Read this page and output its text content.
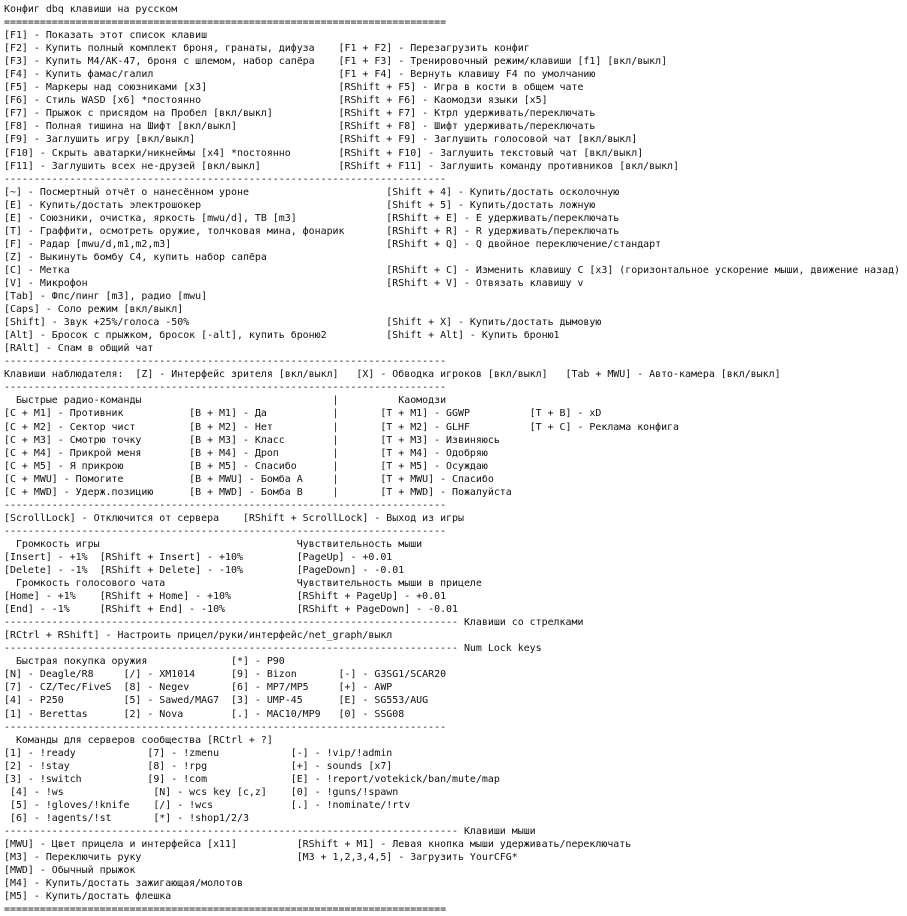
Конфиг dbq клавиши на русском
==========================================================================
[F1] - Показать этот список клавиш
[F2] - Купить полный комплект броня, гранаты, дифуза    [F1 + F2] - Перезагрузить конфиг
[F3] - Купить M4/AK-47, броня с шлемом, набор сапёра    [F1 + F3] - Тренировочный режим/клавиши [f1] [вкл/выкл]
[F4] - Купить фамас/галил                               [F1 + F4] - Вернуть клавишу F4 по умолчанию
[F5] - Маркеры над союзниками [x3]                      [RShift + F5] - Игра в кости в общем чате
[F6] - Стиль WASD [x6] *постоянно                       [RShift + F6] - Каомодзи языки [x5]
[F7] - Прыжок с присядом на Пробел [вкл/выкл]           [RShift + F7] - Ктрл удерживать/переключать
[F8] - Полная тишина на Шифт [вкл/выкл]                 [RShift + F8] - Шифт удерживать/переключать
[F9] - Заглушить игру [вкл/выкл]                        [RShift + F9] - Заглушить голосовой чат [вкл/выкл]
[F10] - Скрыть аватарки/никнеймы [x4] *постоянно        [RShift + F10] - Заглушить текстовый чат [вкл/выкл]
[F11] - Заглушить всех не-друзей [вкл/выкл]             [RShift + F11] - Заглушить команду противников [вкл/выкл]
--------------------------------------------------------------------------
[~] - Посмертный отчёт о нанесённом уроне                       [Shift + 4] - Купить/достать осколочную
[E] - Купить/достать электрошокер                               [Shift + 5] - Купить/достать ложную
[E] - Союзники, очистка, яркость [mwu/d], TB [m3]               [RShift + E] - E удерживать/переключать
[T] - Граффити, осмотреть оружие, толчковая мина, фонарик       [RShift + R] - R удерживать/переключать
[F] - Радар [mwu/d,m1,m2,m3]                                    [RShift + Q] - Q двойное переключение/стандарт
[Z] - Выкинуть бомбу C4, купить набор сапёра
[C] - Метка                                                     [RShift + C] - Изменить клавишу C [x3] (горизонтальное ускорение мыши, движение назад)
[V] - Микрофон                                                  [RShift + V] - Отвязать клавишу v
[Tab] - Фпс/пинг [m3], радио [mwu]
[Caps] - Соло режим [вкл/выкл]
[Shift] - Звук +25%/голоса -50%                                 [Shift + X] - Купить/достать дымовую
[Alt] - Бросок с прыжком, бросок [-alt], купить броню2          [Shift + Alt] - Купить броню1
[RAlt] - Спам в общий чат
--------------------------------------------------------------------------
Клавиши наблюдателя:  [Z] - Интерфейс зрителя [вкл/выкл]   [X] - Обводка игроков [вкл/выкл]   [Tab + MWU] - Авто-камера [вкл/выкл]
--------------------------------------------------------------------------
Быстрые радио-команды                                |          Каомодзи
[C + M1] - Противник           [B + M1] - Да           |       [T + M1] - GGWP          [T + B] - xD
[C + M2] - Сектор чист         [B + M2] - Нет          |       [T + M2] - GLHF          [T + C] - Реклама конфига
[C + M3] - Смотрю точку        [B + M3] - Класс        |       [T + M3] - Извиняюсь
[C + M4] - Прикрой меня        [B + M4] - Дроп         |       [T + M4] - Одобряю
[C + M5] - Я прикрою           [B + M5] - Спасибо      |       [T + M5] - Осуждаю
[C + MWU] - Помогите           [B + MWU] - Бомба A     |       [T + MWU] - Спасибо
[C + MWD] - Удерж.позицию      [B + MWD] - Бомба B     |       [T + MWD] - Пожалуйста
--------------------------------------------------------------------------
[ScrollLock] - Отключится от сервера    [RShift + ScrollLock] - Выход из игры
--------------------------------------------------------------------------
Громкость игры                                 Чувствительность мыши
[Insert] - +1%  [RShift + Insert] - +10%         [PageUp] - +0.01
[Delete] - -1%  [RShift + Delete] - -10%         [PageDown] - -0.01
Громкость голосового чата                      Чувствительность мыши в прицеле
[Home] - +1%    [RShift + Home] - +10%           [RShift + PageUp] - +0.01
[End] - -1%     [RShift + End] - -10%            [RShift + PageDown] - -0.01
---------------------------------------------------------------------------- Клавиши со стрелками
[RCtrl + RShift] - Настроить прицел/руки/интерфейс/net_graph/выкл
---------------------------------------------------------------------------- Num Lock keys
Быстрая покупка оружия              [*] - P90
[N] - Deagle/R8     [/] - XM1014      [9] - Bizon       [-] - G3SG1/SCAR20
[7] - CZ/Tec/FiveS  [8] - Negev       [6] - MP7/MP5     [+] - AWP
[4] - P250          [5] - Sawed/MAG7  [3] - UMP-45      [E] - SG553/AUG
[1] - Berettas      [2] - Nova        [.] - MAC10/MP9   [0] - SSG08
--------------------------------------------------------------------------
Команды для серверов сообщества [RCtrl + ?]
[1] - !ready            [7] - !zmenu            [-] - !vip/!admin
[2] - !stay             [8] - !rpg              [+] - sounds [x7]
[3] - !switch           [9] - !com              [E] - !report/votekick/ban/mute/map
[4] - !ws               [N] - wcs key [c,z]    [0] - !guns/!spawn
[5] - !gloves/!knife    [/] - !wcs             [.] - !nominate/!rtv
[6] - !agents/!st       [*] - !shop1/2/3
---------------------------------------------------------------------------- Клавиши мыши
[MWU] - Цвет прицела и интерфейса [x11]          [RShift + M1] - Левая кнопка мыши удерживать/переключать
[M3] - Переключить руку                          [M3 + 1,2,3,4,5] - Загрузить YourCFG*
[MWD] - Обычный прыжок
[M4] - Купить/достать зажигающая/молотов
[M5] - Купить/достать флешка
==========================================================================
